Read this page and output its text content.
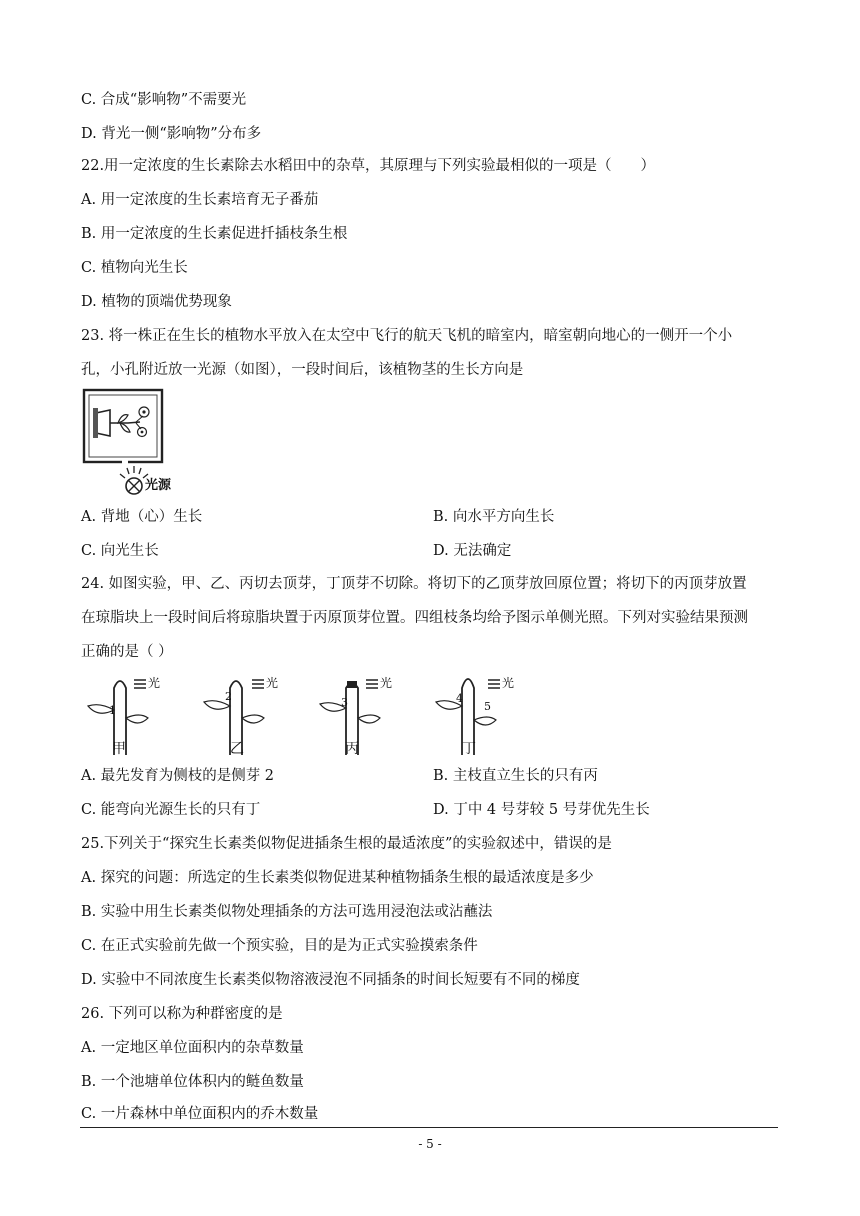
C. 合成“影响物”不需要光
D. 背光一侧“影响物”分布多
22.用一定浓度的生长素除去水稻田中的杂草，其原理与下列实验最相似的一项是（　　）
A. 用一定浓度的生长素培育无子番茄
B. 用一定浓度的生长素促进扦插枝条生根
C. 植物向光生长
D. 植物的顶端优势现象
23. 将一株正在生长的植物水平放入在太空中飞行的航天飞机的暗室内，暗室朝向地心的一侧开一个小
孔，小孔附近放一光源（如图），一段时间后，该植物茎的生长方向是
光源
A. 背地（心）生长	B. 向水平方向生长
C. 向光生长	D. 无法确定
24. 如图实验，甲、乙、丙切去顶芽，丁顶芽不切除。将切下的乙顶芽放回原位置；将切下的丙顶芽放置
在琼脂块上一段时间后将琼脂块置于丙原顶芽位置。四组枝条均给予图示单侧光照。下列对实验结果预测
正确的是（ ）
1
光
甲
2
光
乙
3
光
丙
4
5
光
丁
A. 最先发育为侧枝的是侧芽 2	B. 主枝直立生长的只有丙
C. 能弯向光源生长的只有丁	D. 丁中 4 号芽较 5 号芽优先生长
25.下列关于“探究生长素类似物促进插条生根的最适浓度”的实验叙述中，错误的是
A. 探究的问题：所选定的生长素类似物促进某种植物插条生根的最适浓度是多少
B. 实验中用生长素类似物处理插条的方法可选用浸泡法或沾蘸法
C. 在正式实验前先做一个预实验，目的是为正式实验摸索条件
D. 实验中不同浓度生长素类似物溶液浸泡不同插条的时间长短要有不同的梯度
26. 下列可以称为种群密度的是
A. 一定地区单位面积内的杂草数量
B. 一个池塘单位体积内的鲢鱼数量
C. 一片森林中单位面积内的乔木数量
- 5 -
